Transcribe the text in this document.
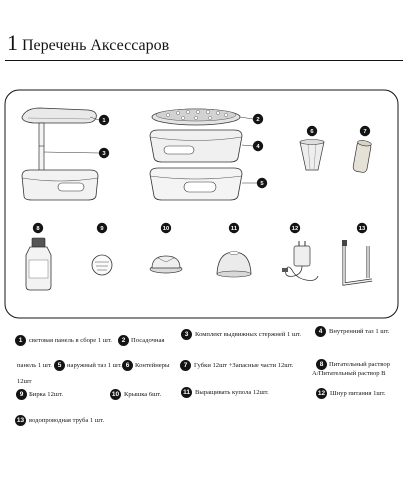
1 Перечень Аксессаров
1	2
3
4
5
6	7
8	9	10	11	12	13
1	световая панель в сборе 1 шт.	2 Посадочная
панель 1 шт.
3	Комплект выдвижных стержней 1 шт.	4	Внутренний таз 1 шт.
5 наружный таз 1 шт. 6 Контейнеры
12шт
7	Губки 12шт +Запасные части 12шт.	8 Питательный раствор
А/Питательный раствор В
9 Бирка 12шт.	10 Крышка 6шт.	11 Выращивать купола 12шт.	12 Шнур питания 1шт.
13 водопроводная труба 1 шт.
